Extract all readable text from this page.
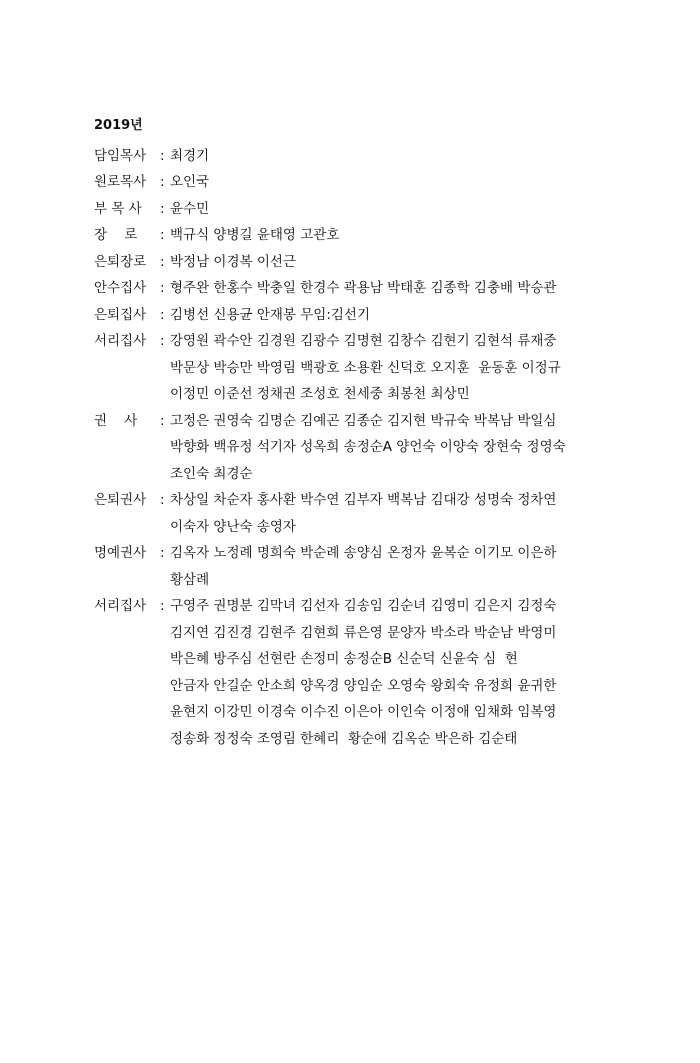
2019년
담임목사	: 최경기
원로목사	: 오인국
부 목 사	: 윤수민
장    로	: 백규식 양병길 윤태영 고관호
은퇴장로	: 박정남 이경복 이선근
안수집사	: 형주완 한홍수 박충일 한경수 곽용남 박태훈 김종학 김충배 박승관
은퇴집사	: 김병선 신용균 안재봉 무임:김선기
서리집사	: 강영원 곽수안 김경원 김광수 김명현 김창수 김현기 김현석 류재중
박문상 박승만 박영림 백광호 소용환 신덕호 오지훈  윤동훈 이정규
이정민 이준선 정채권 조성호 천세중 최봉천 최상민
권    사	: 고정은 권영숙 김명순 김예곤 김종순 김지현 박규숙 박복남 박일심
박향화 백유정 석기자 성옥희 송정순A 양언숙 이양숙 장현숙 정영숙
조인숙 최경순
은퇴권사	: 차상일 차순자 홍사환 박수연 김부자 백복남 김대강 성명숙 정차연
이숙자 양난숙 송영자
명예권사	: 김옥자 노정례 명희숙 박순례 송양심 온정자 윤복순 이기모 이은하
황삼례
서리집사	: 구영주 권명분 김막녀 김선자 김송임 김순녀 김영미 김은지 김정숙
김지연 김진경 김현주 김현희 류은영 문양자 박소라 박순남 박영미
박은혜 방주심 선현란 손정미 송정순B 신순덕 신윤숙 심  현
안금자 안길순 안소희 양옥경 양임순 오영숙 왕회숙 유정희 윤귀한
윤현지 이강민 이경숙 이수진 이은아 이인숙 이정애 임채화 임복영
정송화 정정숙 조영림 한혜리  황순애 김옥순 박은하 김순태
